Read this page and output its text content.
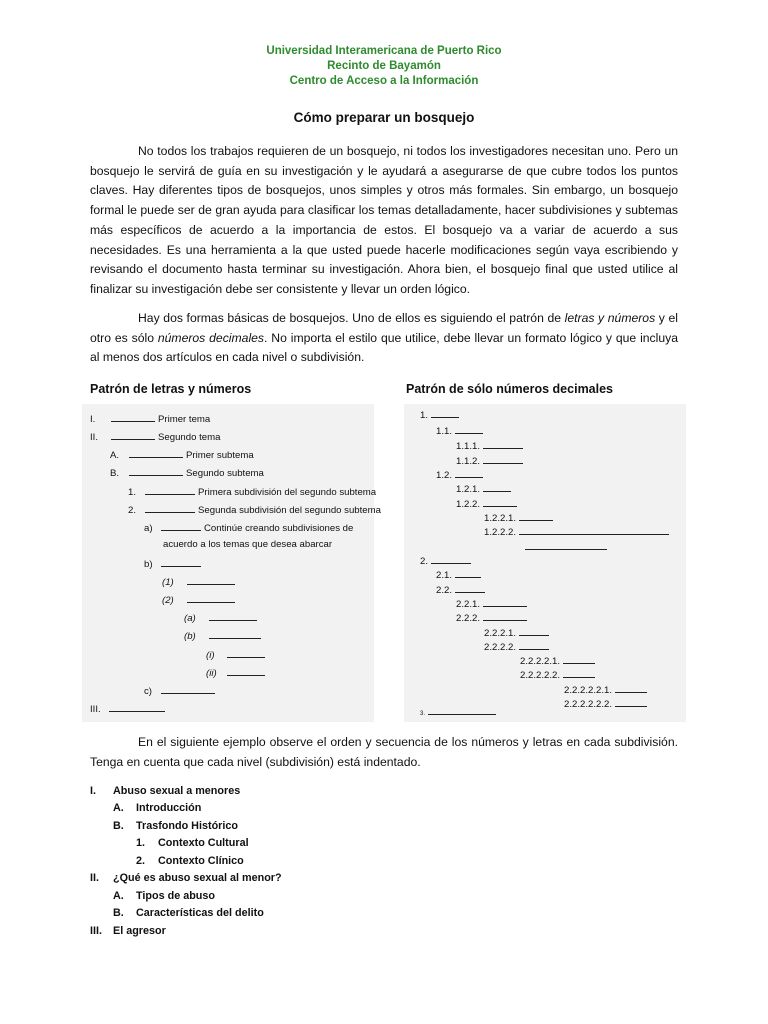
Universidad Interamericana de Puerto Rico
Recinto de Bayamón
Centro de Acceso a la Información
Cómo preparar un bosquejo
No todos los trabajos requieren de un bosquejo, ni todos los investigadores necesitan uno. Pero un bosquejo le servirá de guía en su investigación y le ayudará a asegurarse de que cubre todos los puntos claves. Hay diferentes tipos de bosquejos, unos simples y otros más formales. Sin embargo, un bosquejo formal le puede ser de gran ayuda para clasificar los temas detalladamente, hacer subdivisiones y subtemas más específicos de acuerdo a la importancia de estos. El bosquejo va a variar de acuerdo a sus necesidades. Es una herramienta a la que usted puede hacerle modificaciones según vaya escribiendo y revisando el documento hasta terminar su investigación. Ahora bien, el bosquejo final que usted utilice al finalizar su investigación debe ser consistente y llevar un orden lógico.
Hay dos formas básicas de bosquejos. Uno de ellos es siguiendo el patrón de letras y números y el otro es sólo números decimales. No importa el estilo que utilice, debe llevar un formato lógico y que incluya al menos dos artículos en cada nivel o subdivisión.
Patrón de letras y números	Patrón de sólo números decimales
I.	Primer tema
II.	Segundo tema
A.	Primer subtema
B.	Segundo subtema
1.	Primera subdivisión del segundo subtema
2.	Segunda subdivisión del segundo subtema
a)	Continúe creando subdivisiones de
acuerdo a los temas que desea abarcar
b)
(1)
(2)
(a)
(b)
(i)
(ii)
c)
III.
1.
1.1.
1.1.1.
1.1.2.
1.2.
1.2.1.
1.2.2.
1.2.2.1.
1.2.2.2.
2.
2.1.
2.2.
2.2.1.
2.2.2.
2.2.2.1.
2.2.2.2.
2.2.2.2.1.
2.2.2.2.2.
2.2.2.2.2.1.
2.2.2.2.2.2.
3.
En el siguiente ejemplo observe el orden y secuencia de los números y letras en cada subdivisión. Tenga en cuenta que cada nivel (subdivisión) está indentado.
I. Abuso sexual a menores
A. Introducción
B. Trasfondo Histórico
1. Contexto Cultural
2. Contexto Clínico
II. ¿Qué es abuso sexual al menor?
A. Tipos de abuso
B. Características del delito
III. El agresor
